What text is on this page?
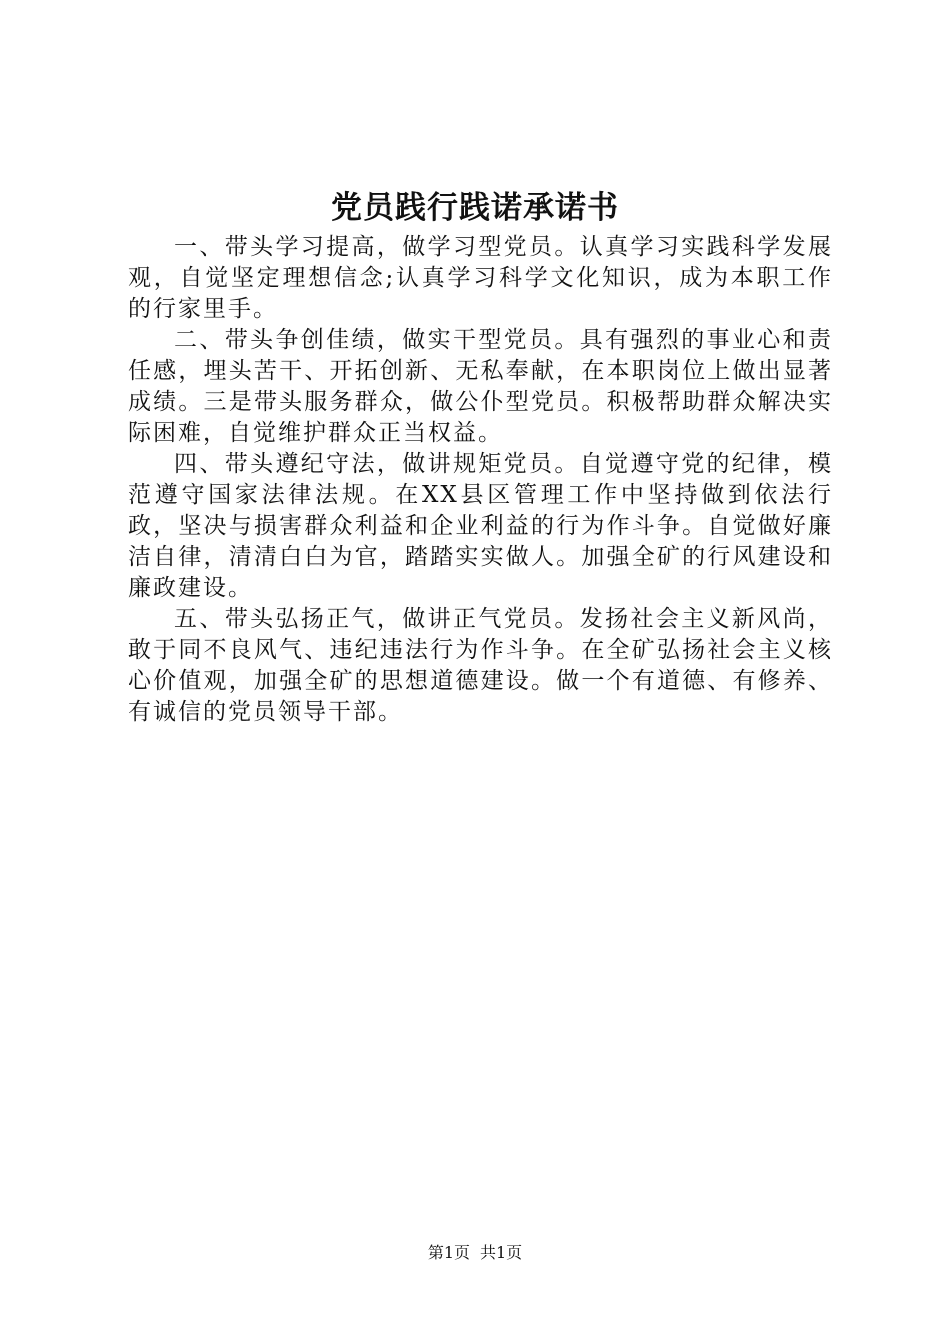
党员践行践诺承诺书

一、带头学习提高，做学习型党员。认真学习实践科学发展观，自觉坚定理想信念;认真学习科学文化知识，成为本职工作的行家里手。

二、带头争创佳绩，做实干型党员。具有强烈的事业心和责任感，埋头苦干、开拓创新、无私奉献，在本职岗位上做出显著成绩。三是带头服务群众，做公仆型党员。积极帮助群众解决实际困难，自觉维护群众正当权益。

四、带头遵纪守法，做讲规矩党员。自觉遵守党的纪律，模范遵守国家法律法规。在XX县区管理工作中坚持做到依法行政，坚决与损害群众利益和企业利益的行为作斗争。自觉做好廉洁自律，清清白白为官，踏踏实实做人。加强全矿的行风建设和廉政建设。

五、带头弘扬正气，做讲正气党员。发扬社会主义新风尚，敢于同不良风气、违纪违法行为作斗争。在全矿弘扬社会主义核心价值观，加强全矿的思想道德建设。做一个有道德、有修养、有诚信的党员领导干部。

第1页 共1页
